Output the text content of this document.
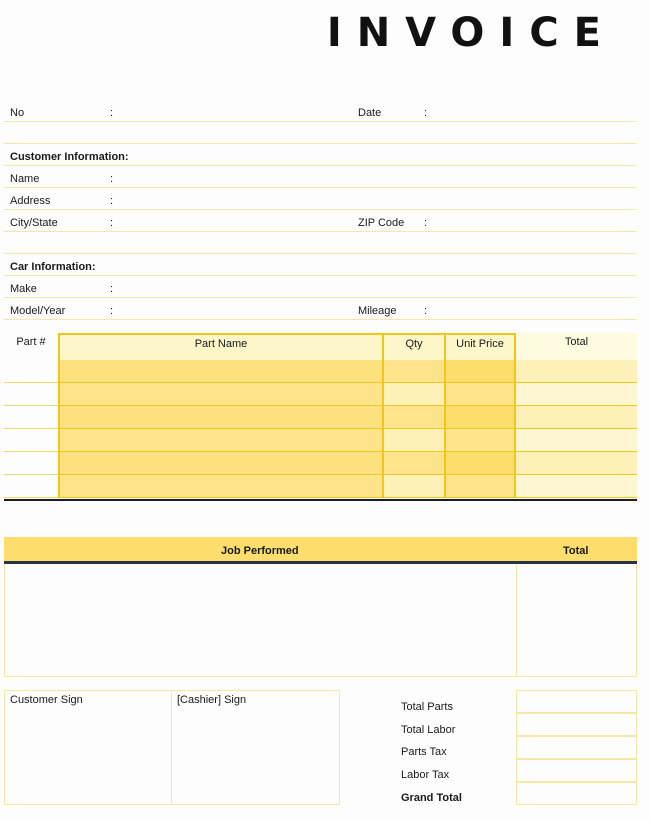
INVOICE
No	:	Date	:
Customer Information:
Name	:
Address	:
City/State	:	ZIP Code :
Car Information:
Make	:
Model/Year	:	Mileage :
Part #	Part Name	Qty	Unit Price	Total
Job Performed	Total
Customer Sign	[Cashier] Sign
Total Parts
Total Labor
Parts Tax
Labor Tax
Grand Total
